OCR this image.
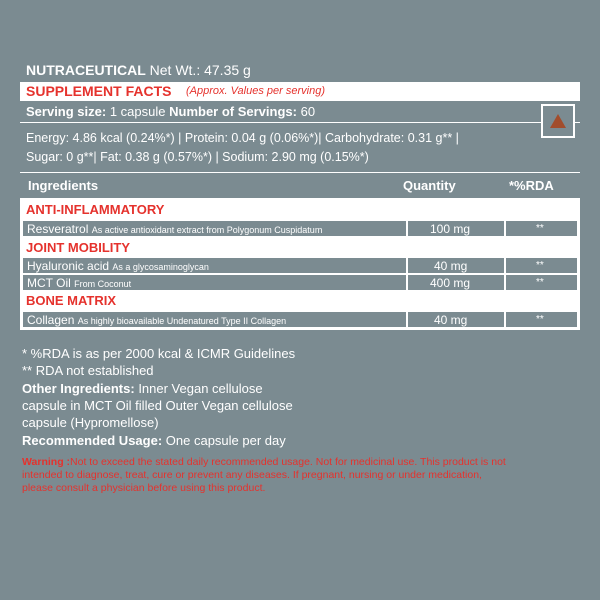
NUTRACEUTICAL Net Wt.: 47.35 g
SUPPLEMENT FACTS (Approx. Values per serving)
Serving size: 1 capsule Number of Servings: 60
Energy: 4.86 kcal (0.24%*) | Protein: 0.04 g (0.06%*)| Carbohydrate: 0.31 g** |
Sugar: 0 g**| Fat: 0.38 g (0.57%*) | Sodium: 2.90 mg (0.15%*)
Ingredients	Quantity	*%RDA
ANTI-INFLAMMATORY
Resveratrol As active antioxidant extract from Polygonum Cuspidatum	100 mg	**
JOINT MOBILITY
Hyaluronic acid As a glycosaminoglycan	40 mg	**
MCT Oil From Coconut	400 mg	**
BONE MATRIX
Collagen As highly bioavailable Undenatured Type II Collagen	40 mg	**
* %RDA is as per 2000 kcal & ICMR Guidelines
** RDA not established
Other Ingredients: Inner Vegan cellulose
capsule in MCT Oil filled Outer Vegan cellulose
capsule (Hypromellose)
Recommended Usage: One capsule per day
Warning :Not to exceed the stated daily recommended usage. Not for medicinal use. This product is not
intended to diagnose, treat, cure or prevent any diseases. If pregnant, nursing or under medication,
please consult a physician before using this product.
